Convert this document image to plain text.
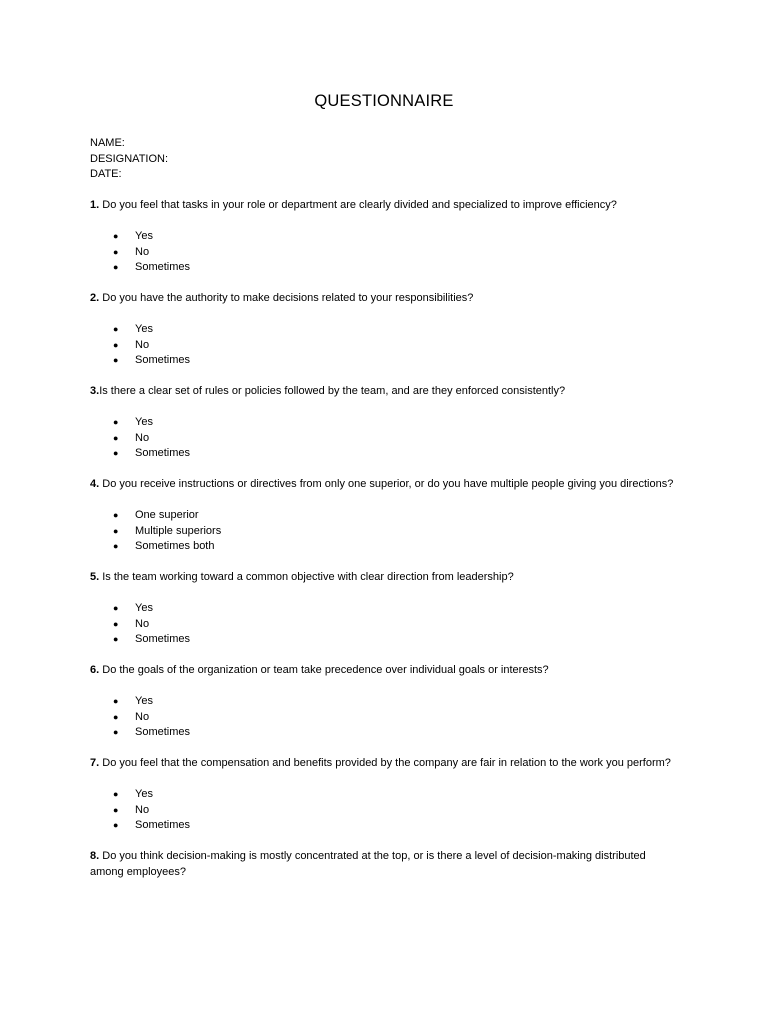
QUESTIONNAIRE
NAME:
DESIGNATION:
DATE:
1. Do you feel that tasks in your role or department are clearly divided and specialized to improve efficiency?
● Yes
● No
● Sometimes
2. Do you have the authority to make decisions related to your responsibilities?
● Yes
● No
● Sometimes
3.Is there a clear set of rules or policies followed by the team, and are they enforced consistently?
● Yes
● No
● Sometimes
4. Do you receive instructions or directives from only one superior, or do you have multiple people giving you directions?
● One superior
● Multiple superiors
● Sometimes both
5. Is the team working toward a common objective with clear direction from leadership?
● Yes
● No
● Sometimes
6. Do the goals of the organization or team take precedence over individual goals or interests?
● Yes
● No
● Sometimes
7. Do you feel that the compensation and benefits provided by the company are fair in relation to the work you perform?
● Yes
● No
● Sometimes
8. Do you think decision-making is mostly concentrated at the top, or is there a level of decision-making distributed among employees?
